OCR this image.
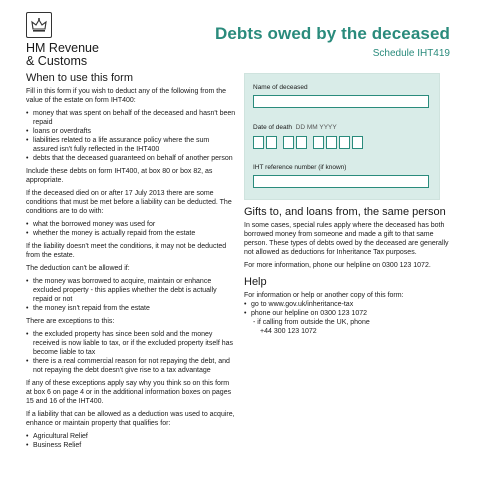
HM Revenue
& Customs
Debts owed by the deceased
Schedule IHT419
When to use this form

Fill in this form if you wish to deduct any of the following from the value of the estate on form IHT400:

• money that was spent on behalf of the deceased and hasn't been repaid
• loans or overdrafts
• liabilities related to a life assurance policy where the sum assured isn't fully reflected in the IHT400
• debts that the deceased guaranteed on behalf of another person

Include these debts on form IHT400, at box 80 or box 82, as appropriate.

If the deceased died on or after 17 July 2013 there are some conditions that must be met before a liability can be deducted. The conditions are to do with:

• what the borrowed money was used for
• whether the money is actually repaid from the estate

If the liability doesn't meet the conditions, it may not be deducted from the estate.

The deduction can't be allowed if:

• the money was borrowed to acquire, maintain or enhance excluded property - this applies whether the debt is actually repaid or not
• the money isn't repaid from the estate

There are exceptions to this:

• the excluded property has since been sold and the money received is now liable to tax, or if the excluded property itself has become liable to tax
• there is a real commercial reason for not repaying the debt, and not repaying the debt doesn't give rise to a tax advantage

If any of these exceptions apply say why you think so on this form at box 6 on page 4 or in the additional information boxes on pages 15 and 16 of the IHT400.

If a liability that can be allowed as a deduction was used to acquire, enhance or maintain property that qualifies for:

• Agricultural Relief
• Business Relief
Name of deceased
Date of death DD MM YYYY
IHT reference number (if known)
Gifts to, and loans from, the same person

In some cases, special rules apply where the deceased has both borrowed money from someone and made a gift to that same person. These types of debts owed by the deceased are generally not allowed as deductions for Inheritance Tax purposes.

For more information, phone our helpline on 0300 123 1072.

Help

For information or help or another copy of this form:

• go to www.gov.uk/inheritance-tax
• phone our helpline on 0300 123 1072
- if calling from outside the UK, phone
+44 300 123 1072
